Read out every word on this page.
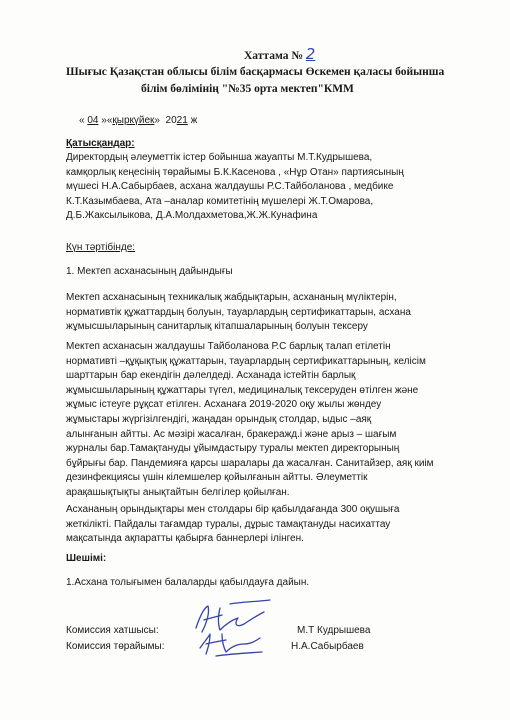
Хаттама № 2
Шығыс Қазақстан облысы білім басқармасы Өскемен қаласы бойынша
білім бөлімінің "№35 орта мектеп"КММ
« 04 »«қыркүйек» 2021 ж
Қатысқандар:
Директордың әлеуметтік істер бойынша жауапты М.Т.Кудрышева,
камқорлық кеңесінің төрайымы Б.К.Касенова , «Нұр Отан» партиясының
мүшесі Н.А.Сабырбаев, асхана жалдаушы Р.С.Тайболанова , медбике
К.Т.Казымбаева, Ата –аналар комитетінің мүшелері Ж.Т.Омарова,
Д.Б.Жаксылыкова, Д.А.Молдахметова,Ж.Ж.Кунафина
Күн тәртібінде:
1. Мектеп асханасының дайындығы
Мектеп асханасының техникалық жабдықтарын, асхананың мүліктерін,
нормативтік құжаттардың болуын, тауарлардың сертификаттарын, асхана
жұмысшыларының санитарлық кітапшаларының болуын тексеру
Мектеп асханасын жалдаушы Тайболанова Р.С барлық талап етілетін
нормативті –құқықтық құжаттарын, тауарлардың сертификаттарының, келісім
шарттарын бар екендігін дәлелдеді. Асханада істейтін барлық
жұмысшыларының құжаттары түгел, медициналық тексеруден өтілген және
жұмыс істеуге рұқсат етілген. Асханаға 2019-2020 оқу жылы жөндеу
жұмыстары жүргізілгендігі, жаңадан орындық столдар, ыдыс –аяқ
алынғанын айтты. Ас мәзірі жасалған, бракеражд.і және арыз – шағым
журналы бар.Тамақтануды ұйымдастыру туралы мектеп директорының
бұйрығы бар. Пандемияға қарсы шаралары да жасалған. Санитайзер, аяқ киім
дезинфекциясы үшін кілемшелер қойылғанын айтты. Әлеуметтік
арақашықтықты анықтайтын белгілер қойылған.
Асхананың орындықтары мен столдары бір қабылдағанда 300 оқушыға
жеткілікті. Пайдалы тағамдар туралы, дұрыс тамақтануды насихаттау
мақсатында ақпаратты қабырға баннерлері ілінген.
Шешімі:
1.Асхана толығымен балаларды қабылдауға дайын.
Комиссия хатшысы:
Комиссия төрайымы:
М.Т Кудрышева
Н.А.Сабырбаев
